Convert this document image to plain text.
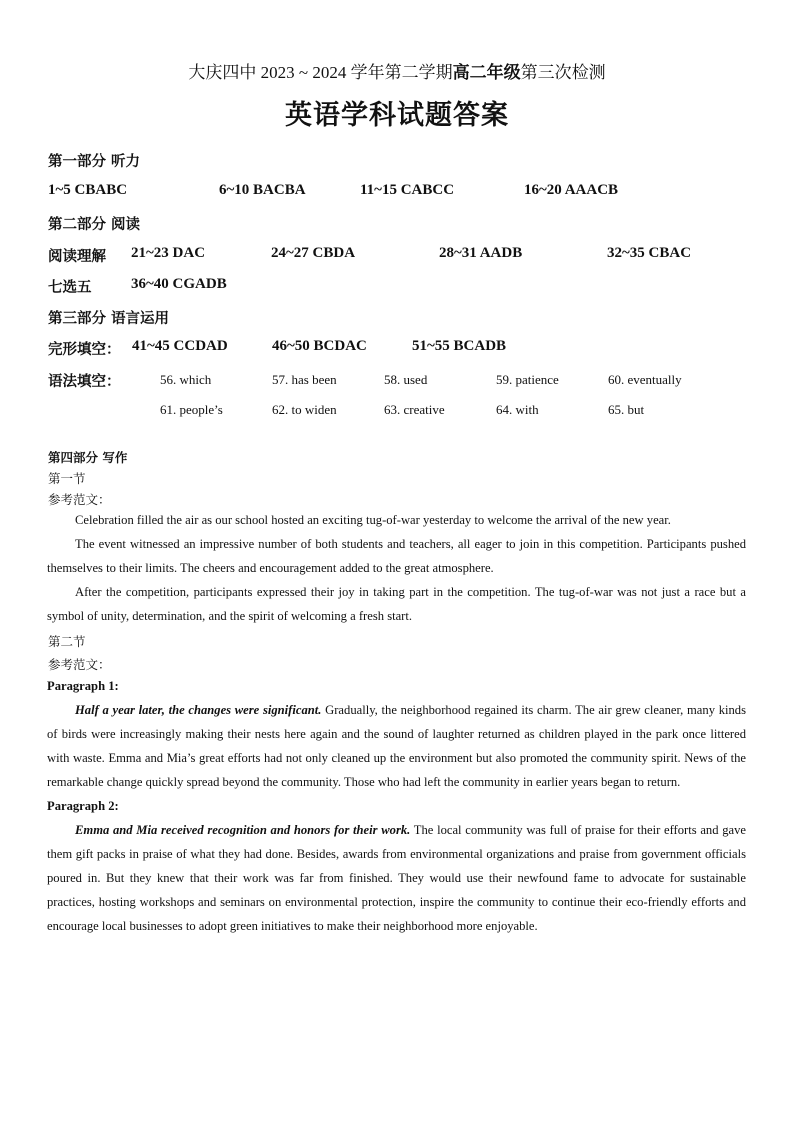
大庆四中 2023 ~ 2024 学年第二学期高二年级第三次检测
英语学科试题答案
第一部分 听力
1~5 CBABC	6~10 BACBA	11~15 CABCC	16~20 AAACB
第二部分 阅读
阅读理解 21~23 DAC	24~27 CBDA	28~31 AADB	32~35 CBAC
七选五	36~40 CGADB
第三部分 语言运用
完形填空： 41~45 CCDAD	46~50 BCDAC	51~55 BCADB
语法填空：	56. which	57. has been	58. used	59. patience	60. eventually
61. people’s	62. to widen	63. creative	64. with	65. but
第四部分 写作
第一节
参考范文：

Celebration filled the air as our school hosted an exciting tug-of-war yesterday to welcome the arrival of the new year.

The event witnessed an impressive number of both students and teachers, all eager to join in this competition. Participants pushed themselves to their limits. The cheers and encouragement added to the great atmosphere.

After the competition, participants expressed their joy in taking part in the competition. The tug-of-war was not just a race but a symbol of unity, determination, and the spirit of welcoming a fresh start.

第二节
参考范文：

Paragraph 1:

Half a year later, the changes were significant. Gradually, the neighborhood regained its charm. The air grew cleaner, many kinds of birds were increasingly making their nests here again and the sound of laughter returned as children played in the park once littered with waste. Emma and Mia’s great efforts had not only cleaned up the environment but also promoted the community spirit. News of the remarkable change quickly spread beyond the community. Those who had left the community in earlier years began to return.

Paragraph 2:

Emma and Mia received recognition and honors for their work. The local community was full of praise for their efforts and gave them gift packs in praise of what they had done. Besides, awards from environmental organizations and praise from government officials poured in. But they knew that their work was far from finished. They would use their newfound fame to advocate for sustainable practices, hosting workshops and seminars on environmental protection, inspire the community to continue their eco-friendly efforts and encourage local businesses to adopt green initiatives to make their neighborhood more enjoyable.
